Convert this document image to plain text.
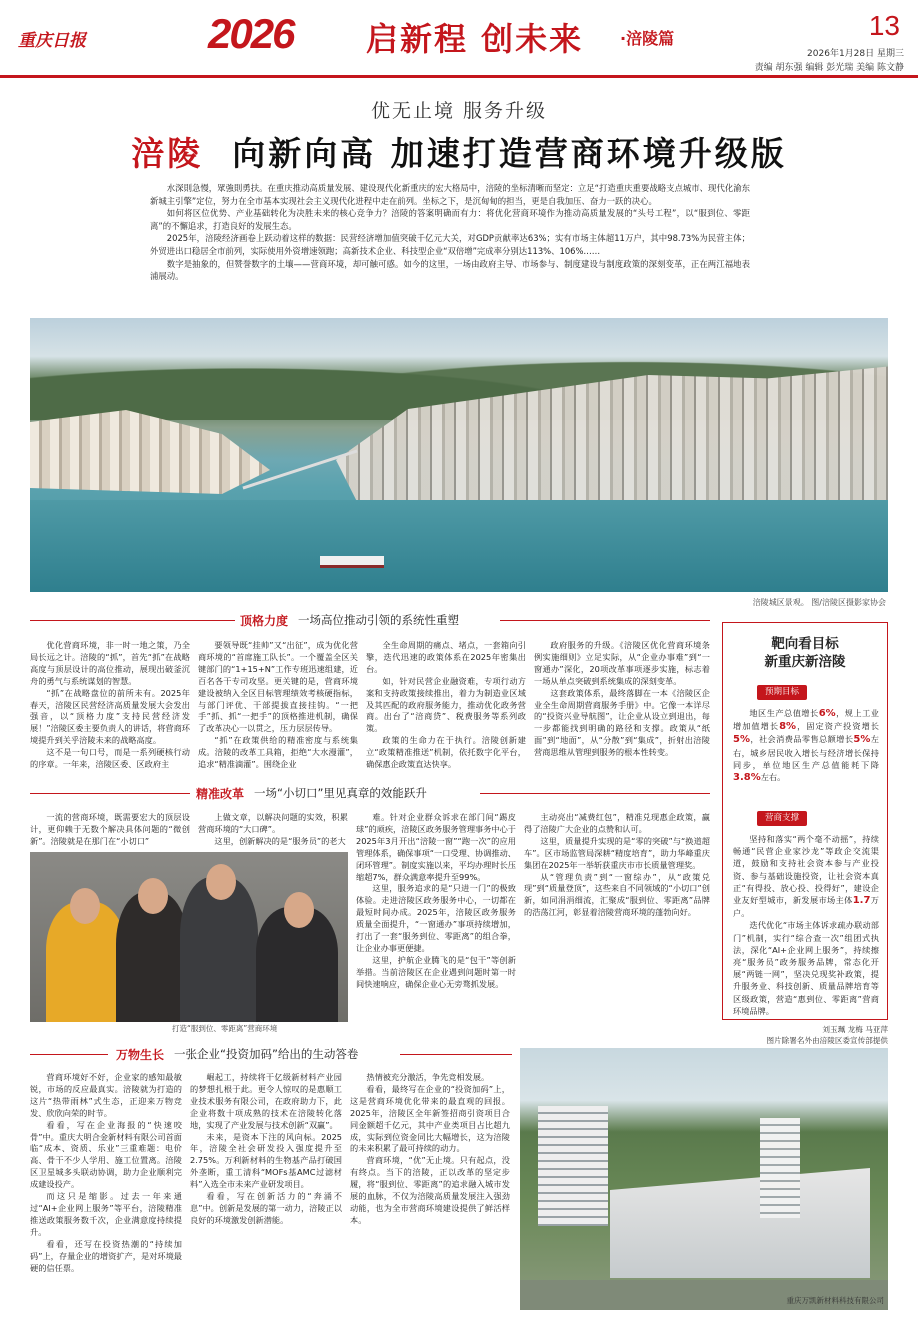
重庆日报	2026 启新程 创未来 ·涪陵篇	13
2026年1月28日 星期三
责编 胡东强 编辑 彭光瑞 美编 陈文静
优无止境 服务升级
涪陵 向新向高 加速打造营商环境升级版

水深則急慢，眾強則勇扶。在重庆推动高质量发展、建设现代化新重庆的宏大格局中，涪陵的坐标清晰而坚定：立足“打造重庆重要战略支点城市、现代化渝东新城主引擎”定位，努力在全市基本实现社会主义现代化进程中走在前列。坐标之下，是沉甸甸的担当，更是自我加压、奋力一跃的决心。

如何将区位优势、产业基础转化为决胜未来的核心竞争力？涪陵的答案明确而有力：将优化营商环境作为推动高质量发展的“头号工程”，以“服到位、零距离”的不懈追求，打造良好的发展生态。

2025年，涪陵经济画卷上跃动着这样的数据：民营经济增加值突破千亿元大关，对GDP贡献率达63%；实有市场主体超11万户，其中98.73%为民营主体；外贸进出口稳居全市前列，实际使用外资增速领跑；高新技术企业、科技型企业“双倍增”完成率分别达113%、106%……

数字是抽象的，但赞誉数字的土壤——营商环境，却可触可感。如今的这里，一场由政府主导、市场参与、制度建设与制度政策的深刻变革，正在两江福地表浦展动。

涪陵城区景观。 图/涪陵区摄影家协会
顶格力度 一场高位推动引领的系统性重塑

优化营商环境，非一时一地之策，乃全局长远之计。涪陵的“抓”，首先“抓”在战略高度与顶层设计的高位推动，展现出破釜沉舟的勇气与系统谋划的智慧。

“抓”在战略盘位的前所未有。2025年春天，涪陵区民营经济高质量发展大会发出强音，以“顶格力度”支持民营经济发展！”涪陵区委主要负责人的讲话，将营商环境提升到关乎涪陵未来的战略高度。

这不是一句口号，而是一系列硬核行动的序章。一年来，涪陵区委、区政府主

要领导既“挂帅”又“出征”，成为优化营商环境的“首席施工队长”。一个覆盖全区关键部门的“1+15+N”工作专班迅速组建，近百名各干专司攻坚。更关键的是，营商环境建设被纳入全区目标管理绩效考核硬指标，与部门评优、干部提拔直接挂钩。“一把手”抓、抓“一把手”的顶格推进机制，确保了改革决心一以贯之，压力层层传导。

“抓”在政策供给的精准密度与系统集成。涪陵的改革工具箱，拒绝“大水漫灌”，追求“精准滴灌”。围绕企业

全生命周期的痛点、堵点，一套箱向引擎，迭代迅速的政策体系在2025年密集出台。

如，针对民营企业融资难，专项行动方案和支持政策接续推出，着力为制造业区域及其匹配的政府服务能力，推动优化政务营商。出台了“涪商贷”、税费服务等系列政策。

政策的生命力在于执行。涪陵创新建立“政策精准推送”机制，依托数字化平台，确保惠企政策直达快享。

政府服务的升级。《涪陵区优化营商环境条例实施细则》立足实际，从“企业办事难”到“一窗通办”深化，20项改革事项逐步实施，标志着一场从单点突破到系统集成的深刻变革。

这套政策体系，最终落脚在一本《涪陵区企业全生命周期营商服务手册》中。它像一本详尽的“投资兴业导航图”，让企业从设立到退出，每一步都能找到明确的路径和支撑。政策从“纸面”到“地面”，从“分散”到“集成”，折射出涪陵营商思维从管理到服务的根本性转变。

精准改革 一场“小切口”里见真章的效能跃升

一流的营商环境，既需要宏大的顶层设计，更仰赖于无数个解决具体问题的“微创新”。涪陵就是在那门在“小切口”

上做文章，以解决问题的实效，积累营商环境的“大口碑”。

这里，创新解决的是“服务员”的老大

打造“服到位、零距离”营商环境

难。针对企业群众诉求在部门间“踢皮球”的顽疾，涪陵区政务服务管理事务中心于2025年3月开出“涪陵一窗”“跑一次”的应用管理体系，确保事项“一口受理、协调推动、闭环管理”。制度实施以来，平均办理时长压缩超7%，群众满意率提升至99%。

这里，服务追求的是“只进一门”的极致体验。走进涪陵区政务服务中心，一切都在最短时间办成。2025年，涪陵区政务服务质量全面提升，“一窗通办”事项持续增加，打出了一套“服务到位、零距离”的组合拳，让企业办事更便捷。

这里，护航企业腾飞的是“包干”等创新举措。当前涪陵区在企业遇到问题时第一时间快速响应，确保企业心无旁骛抓发展。

主动亮出“减费红包”，精准兑现惠企政策，赢得了涪陵广大企业的点赞和认可。

这里，质量提升实现的是“零的突破”与“换道超车”。区市场监管局深耕“精度培育”，助力华峰重庆集团在2025年一举斩获重庆市市长质量管理奖。

从“管理负责”到“一窗综办”，从“政策兑现”到“质量登顶”，这些来自不同领域的“小切口”创新，如同涓涓细流，汇聚成“服到位、零距离”品牌的浩荡江河，彰显着涪陵营商环境的蓬勃向好。

靶向看目标
新重庆新涪陵
预期目标

地区生产总值增长6%，规上工业增加值增长8%，固定资产投资增长5%，社会消费品零售总额增长5%左右，城乡居民收入增长与经济增长保持同步，单位地区生产总值能耗下降3.8%左右。

营商支撑

坚持和落实“两个毫不动摇”，持续畅通“民营企业家沙龙”等政企交流渠道，鼓励和支持社会资本参与产业投资、参与基础设施投资，让社会资本真正“有得投、放心投、投得好”，建设企业友好型城市，新发展市场主体1.7万户。

迭代优化“市场主体诉求疏办联动部门”机制，实行“综合查一次”组团式执法，深化“AI+企业网上服务”，持续擦亮“服务员”政务服务品牌，常态化开展“两链一网”，坚决兑现奖补政策，提升服务业、科技创新、质量品牌培育等区级政策，营造“惠到位、零距离”营商环境品牌。

刘玉珮 龙梅 马亚萍
图片除署名外由涪陵区委宣传部提供
万物生长 一张企业“投资加码”给出的生动答卷

营商环境好不好，企业家的感知最敏锐，市场的反应最真实。涪陵就为打造的这片“热带雨林”式生态，正迎来万物竞发、欣欣向荣的时节。

看看，写在企业海报的“快速咬骨”中。重庆大明合金新材料有限公司首面临“成本、资质、乐业”三重难题：电价高、骨干不少人学用、施工位置离。涪陵区卫星城多头联动协调，助力企业顺利完成建设投产。

而这只是缩影。过去一年来通过“AI+企业网上服务”等平台，涪陵精准推送政策服务数千次，企业满意度持续提升。

看看，还写在投资热潮的“持续加码”上，存量企业的增资扩产，是对环境最硬的信任票。

崛起工，持续将干亿级新材料产业园的梦想扎根于此。更令人惊叹的是惠顺工业技术服务有限公司，在政府助力下，此企业将数十项成熟的技术在涪陵转化落地，实现了产业发展与技术创新“双赢”。

未来，是资本下注的风向标。2025年，涪陵全社会研发投入强度提升至2.75%。万利新材料的生物基产品打破国外垄断，重工清科“MOFs基AMC过滤材料”入选全市未来产业研发项目。

看看，写在创新活力的“奔涌不息”中。创新是发展的第一动力，涪陵正以良好的环境激发创新潜能。

热情被充分激活，争先竞相发展。

看看，最终写在企业的“投资加码”上，这是营商环境优化带来的最直观的回报。2025年，涪陵区全年新签招商引资项目合同金额超千亿元，其中产业类项目占比超九成，实际到位资金同比大幅增长，这为涪陵的未来积累了最可持续的动力。

营商环境，“优”无止境。只有起点，没有终点。当下的涪陵，正以改革的坚定步履，将“服到位、零距离”的追求融入城市发展的血脉，不仅为涪陵高质量发展注入强劲动能，也为全市营商环境建设提供了鲜活样本。

重庆万凯新材料科技有限公司
